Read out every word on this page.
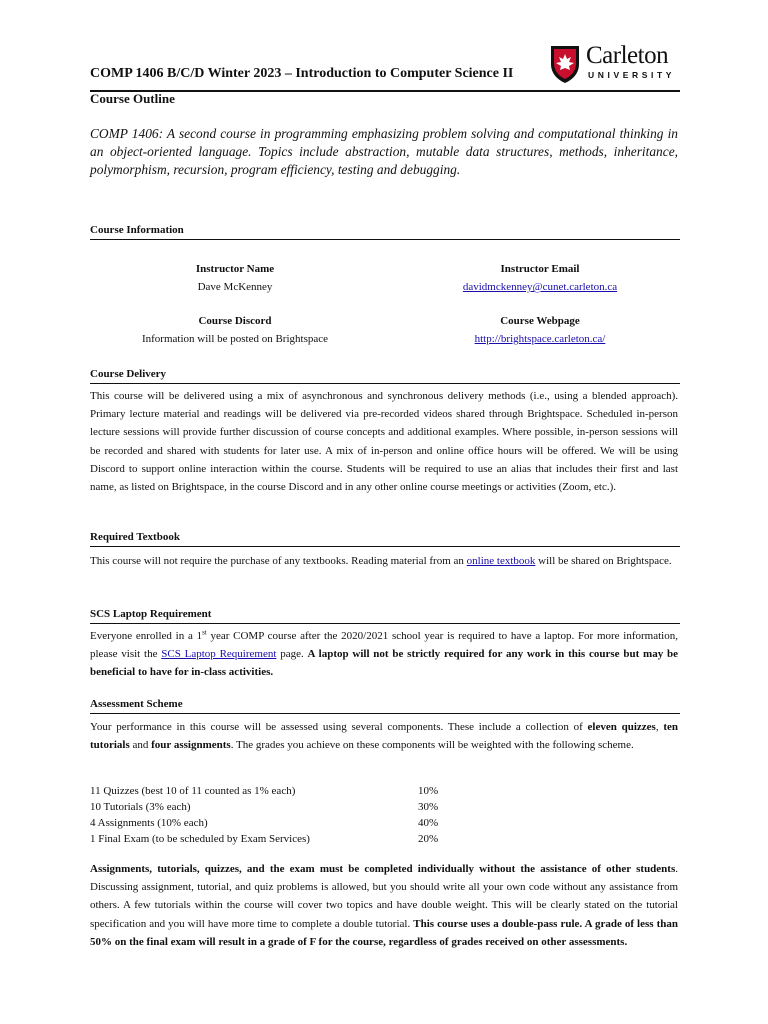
COMP 1406 B/C/D Winter 2023 – Introduction to Computer Science II
Carleton
UNIVERSITY
Course Outline
COMP 1406: A second course in programming emphasizing problem solving and computational thinking in an object-oriented language. Topics include abstraction, mutable data structures, methods, inheritance, polymorphism, recursion, program efficiency, testing and debugging.
Course Information
Instructor Name
Dave McKenney
Instructor Email
davidmckenney@cunet.carleton.ca
Course Discord
Information will be posted on Brightspace
Course Webpage
http://brightspace.carleton.ca/
Course Delivery
This course will be delivered using a mix of asynchronous and synchronous delivery methods (i.e., using a blended approach). Primary lecture material and readings will be delivered via pre-recorded videos shared through Brightspace. Scheduled in-person lecture sessions will provide further discussion of course concepts and additional examples. Where possible, in-person sessions will be recorded and shared with students for later use. A mix of in-person and online office hours will be offered. We will be using Discord to support online interaction within the course. Students will be required to use an alias that includes their first and last name, as listed on Brightspace, in the course Discord and in any other online course meetings or activities (Zoom, etc.).
Required Textbook
This course will not require the purchase of any textbooks. Reading material from an online textbook will be shared on Brightspace.
SCS Laptop Requirement
Everyone enrolled in a 1st year COMP course after the 2020/2021 school year is required to have a laptop. For more information, please visit the SCS Laptop Requirement page. A laptop will not be strictly required for any work in this course but may be beneficial to have for in-class activities.
Assessment Scheme
Your performance in this course will be assessed using several components. These include a collection of eleven quizzes, ten tutorials and four assignments. The grades you achieve on these components will be weighted with the following scheme.
11 Quizzes (best 10 of 11 counted as 1% each)	10%
10 Tutorials (3% each)	30%
4 Assignments (10% each)	40%
1 Final Exam (to be scheduled by Exam Services)	20%
Assignments, tutorials, quizzes, and the exam must be completed individually without the assistance of other students. Discussing assignment, tutorial, and quiz problems is allowed, but you should write all your own code without any assistance from others. A few tutorials within the course will cover two topics and have double weight. This will be clearly stated on the tutorial specification and you will have more time to complete a double tutorial. This course uses a double-pass rule. A grade of less than 50% on the final exam will result in a grade of F for the course, regardless of grades received on other assessments.
